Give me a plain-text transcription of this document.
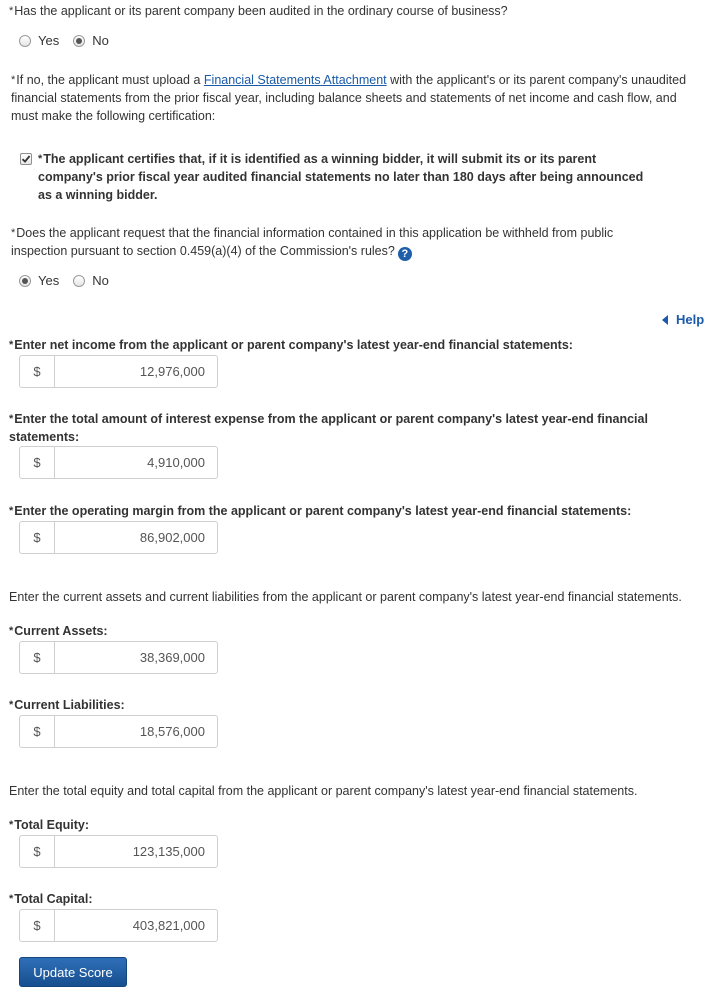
*Has the applicant or its parent company been audited in the ordinary course of business?
Yes	No
*If no, the applicant must upload a Financial Statements Attachment with the applicant's or its parent company's unaudited financial statements from the prior fiscal year, including balance sheets and statements of net income and cash flow, and must make the following certification:
*The applicant certifies that, if it is identified as a winning bidder, it will submit its or its parent company's prior fiscal year audited financial statements no later than 180 days after being announced as a winning bidder.
*Does the applicant request that the financial information contained in this application be withheld from public inspection pursuant to section 0.459(a)(4) of the Commission's rules? ?
Yes	No
Help
*Enter net income from the applicant or parent company's latest year-end financial statements:
$	12,976,000
*Enter the total amount of interest expense from the applicant or parent company's latest year-end financial statements:
$	4,910,000
*Enter the operating margin from the applicant or parent company's latest year-end financial statements:
$	86,902,000
Enter the current assets and current liabilities from the applicant or parent company's latest year-end financial statements.
*Current Assets:
$	38,369,000
*Current Liabilities:
$	18,576,000
Enter the total equity and total capital from the applicant or parent company's latest year-end financial statements.
*Total Equity:
$	123,135,000
*Total Capital:
$	403,821,000
Update Score
